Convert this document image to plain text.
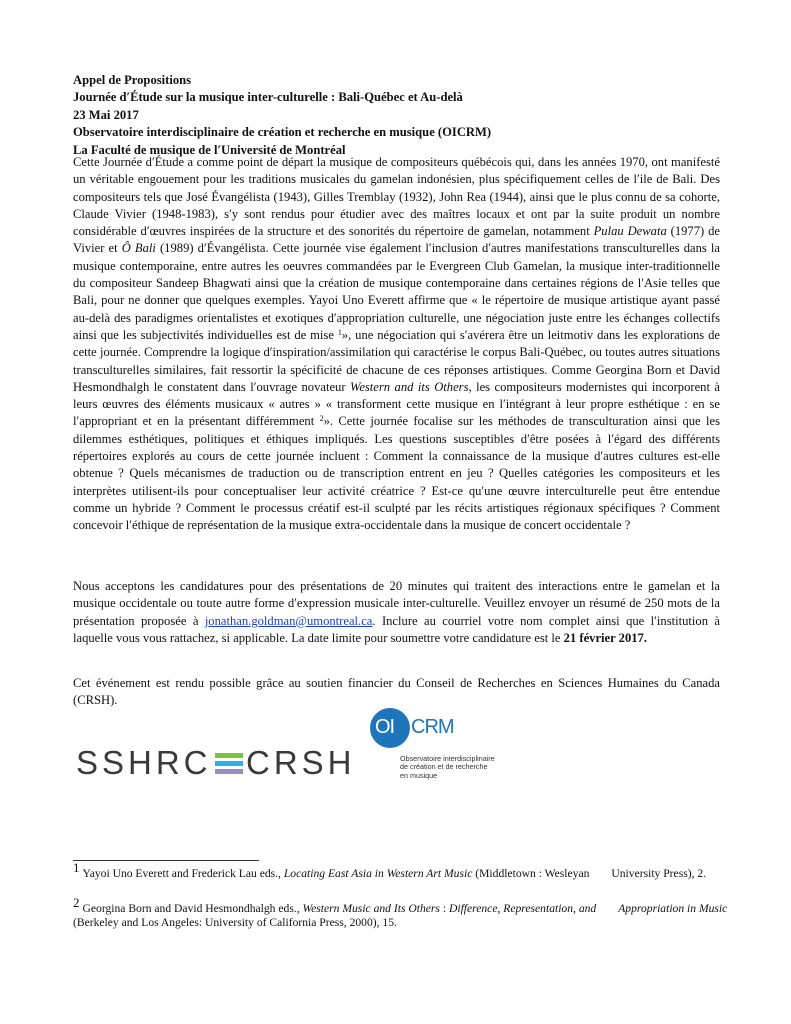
Appel de Propositions
Journée dʹÉtude sur la musique inter-culturelle : Bali-Québec et Au-delà
23 Mai 2017
Observatoire interdisciplinaire de création et recherche en musique (OICRM)
La Faculté de musique de lʹUniversité de Montréal
Cette Journée dʹÉtude a comme point de départ la musique de compositeurs québécois qui, dans les années 1970, ont manifesté un véritable engouement pour les traditions musicales du gamelan indonésien, plus spécifiquement celles de lʹile de Bali. Des compositeurs tels que José Évangélista (1943), Gilles Tremblay (1932), John Rea (1944), ainsi que le plus connu de sa cohorte, Claude Vivier (1948-1983), sʹy sont rendus pour étudier avec des maîtres locaux et ont par la suite produit un nombre considérable dʹœuvres inspirées de la structure et des sonorités du répertoire de gamelan, notamment Pulau Dewata (1977) de Vivier et Ô Bali (1989) dʹÉvangélista. Cette journée vise également lʹinclusion dʹautres manifestations transculturelles dans la musique contemporaine, entre autres les oeuvres commandées par le Evergreen Club Gamelan, la musique inter-traditionnelle du compositeur Sandeep Bhagwati ainsi que la création de musique contemporaine dans certaines régions de lʹAsie telles que Bali, pour ne donner que quelques exemples. Yayoi Uno Everett affirme que « le répertoire de musique artistique ayant passé au-delà des paradigmes orientalistes et exotiques dʹappropriation culturelle, une négociation juste entre les échanges collectifs ainsi que les subjectivités individuelles est de mise $^1$», une négociation qui sʹavérera être un leitmotiv dans les explorations de cette journée. Comprendre la logique dʹinspiration/assimilation qui caractérise le corpus Bali-Québec, ou toutes autres situations transculturelles similaires, fait ressortir la spécificité de chacune de ces réponses artistiques. Comme Georgina Born et David Hesmondhalgh le constatent dans lʹouvrage novateur Western and its Others, les compositeurs modernistes qui incorporent à leurs œuvres des éléments musicaux « autres » « transforment cette musique en lʹintégrant à leur propre esthétique : en se lʹappropriant et en la présentant différemment $^2$». Cette journée focalise sur les méthodes de transculturation ainsi que les dilemmes esthétiques, politiques et éthiques impliqués. Les questions susceptibles dʹêtre posées à lʹégard des différents répertoires explorés au cours de cette journée incluent : Comment la connaissance de la musique dʹautres cultures est-elle obtenue ? Quels mécanismes de traduction ou de transcription entrent en jeu ? Quelles catégories les compositeurs et les interprètes utilisent-ils pour conceptualiser leur activité créatrice ? Est-ce quʹune œuvre interculturelle peut être entendue comme un hybride ? Comment le processus créatif est-il sculpté par les récits artistiques régionaux spécifiques ? Comment concevoir lʹéthique de représentation de la musique extra-occidentale dans la musique de concert occidentale ?
Nous acceptons les candidatures pour des présentations de 20 minutes qui traitent des interactions entre le gamelan et la musique occidentale ou toute autre forme dʹexpression musicale inter-culturelle. Veuillez envoyer un résumé de 250 mots de la présentation proposée à jonathan.goldman@umontreal.ca. Inclure au courriel votre nom complet ainsi que lʹinstitution à laquelle vous vous rattachez, si applicable. La date limite pour soumettre votre candidature est le 21 février 2017.
Cet événement est rendu possible grâce au soutien financier du Conseil de Recherches en Sciences Humaines du Canada (CRSH).
SSHRC CRSH
OI CRM
Observatoire interdisciplinaire
de création et de recherche
en musique
1 Yayoi Uno Everett and Frederick Lau eds., Locating East Asia in Western Art Music (Middletown : Wesleyan University Press), 2.
2 Georgina Born and David Hesmondhalgh eds., Western Music and Its Others : Difference, Representation, and Appropriation in Music (Berkeley and Los Angeles: University of California Press, 2000), 15.
